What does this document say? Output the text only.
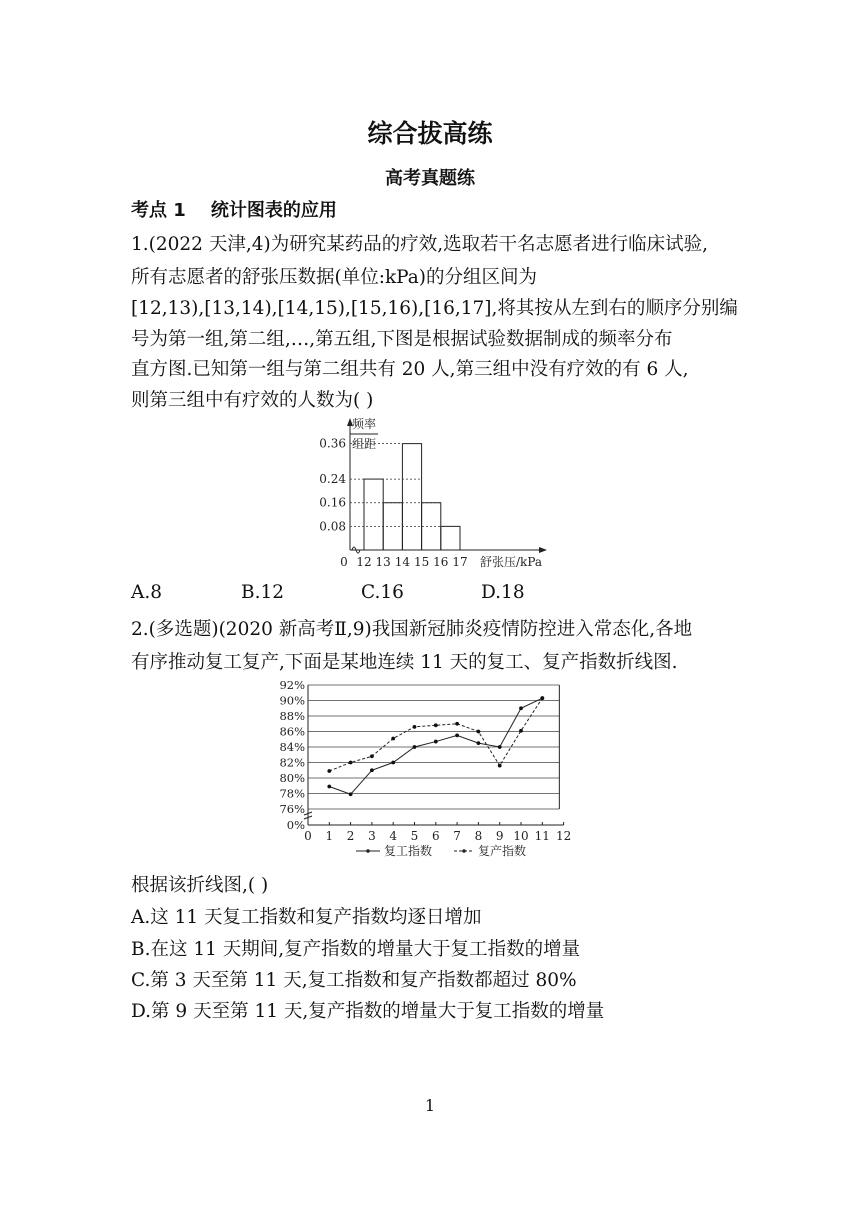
综合拔高练
高考真题练
考点 1    统计图表的应用
1.(2022 天津,4)为研究某药品的疗效,选取若干名志愿者进行临床试验,
所有志愿者的舒张压数据(单位:kPa)的分组区间为
[12,13),[13,14),[14,15),[15,16),[16,17],将其按从左到右的顺序分别编
号为第一组,第二组,…,第五组,下图是根据试验数据制成的频率分布
直方图.已知第一组与第二组共有 20 人,第三组中没有疗效的有 6 人,
则第三组中有疗效的人数为( )
频率
组距
0.36
0.24
0.16
0.08
0 12 13 14 15 16 17 舒张压/kPa
A.8	B.12	C.16	D.18
2.(多选题)(2020 新高考Ⅱ,9)我国新冠肺炎疫情防控进入常态化,各地
有序推动复工复产,下面是某地连续 11 天的复工、复产指数折线图.
92%
90%
88%
86%
84%
82%
80%
78%
76%
0%
0 1 2 3 4 5 6 7 8 9 10 11 12
复工指数	复产指数
根据该折线图,( )
A.这 11 天复工指数和复产指数均逐日增加
B.在这 11 天期间,复产指数的增量大于复工指数的增量
C.第 3 天至第 11 天,复工指数和复产指数都超过 80%
D.第 9 天至第 11 天,复产指数的增量大于复工指数的增量
1
